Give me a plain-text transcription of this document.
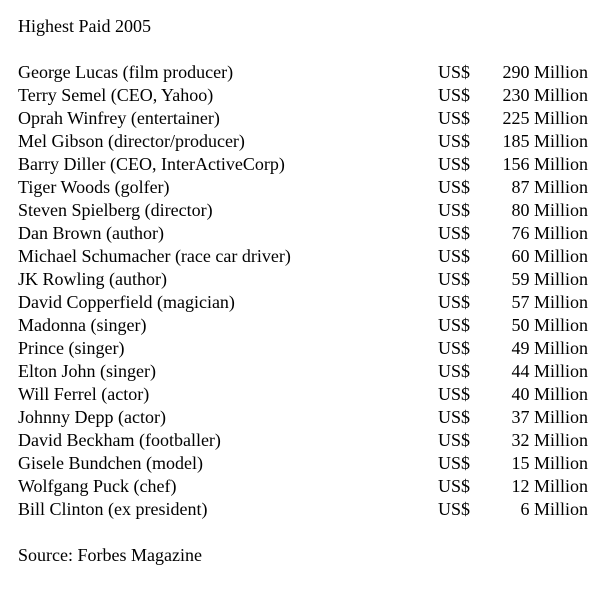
Highest Paid 2005
George Lucas (film producer)	US$ 290 Million
Terry Semel (CEO, Yahoo)	US$ 230 Million
Oprah Winfrey (entertainer)	US$ 225 Million
Mel Gibson (director/producer)	US$ 185 Million
Barry Diller (CEO, InterActiveCorp)	US$ 156 Million
Tiger Woods (golfer)	US$ 87 Million
Steven Spielberg (director)	US$ 80 Million
Dan Brown (author)	US$ 76 Million
Michael Schumacher (race car driver)	US$ 60 Million
JK Rowling (author)	US$ 59 Million
David Copperfield (magician)	US$ 57 Million
Madonna (singer)	US$ 50 Million
Prince (singer)	US$ 49 Million
Elton John (singer)	US$ 44 Million
Will Ferrel (actor)	US$ 40 Million
Johnny Depp (actor)	US$ 37 Million
David Beckham (footballer)	US$ 32 Million
Gisele Bundchen (model)	US$ 15 Million
Wolfgang Puck (chef)	US$ 12 Million
Bill Clinton (ex president)	US$	6 Million
Source: Forbes Magazine
